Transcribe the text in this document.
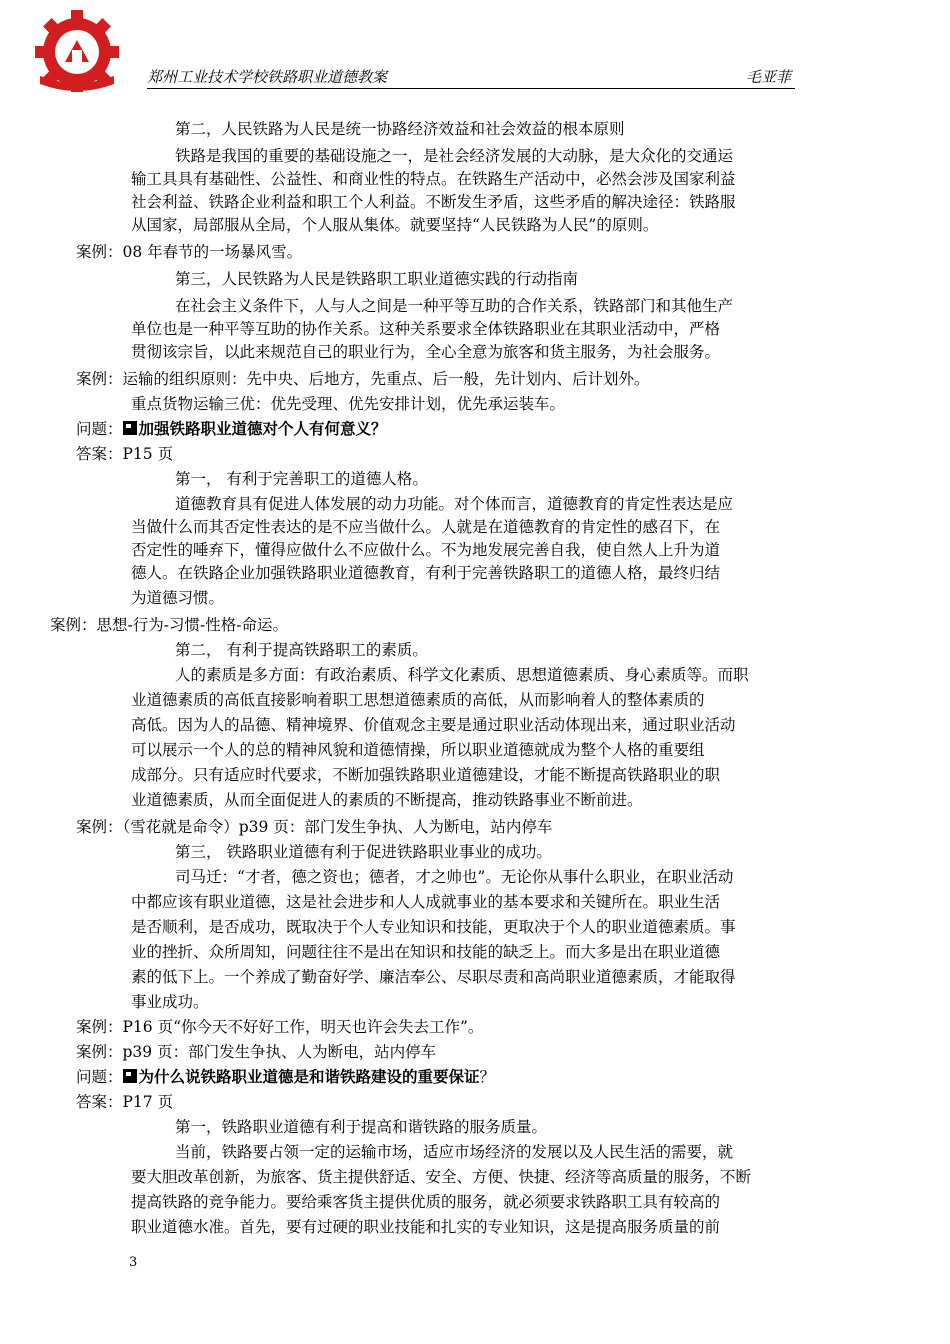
郑州工业技术学校铁路职业道德教案	毛亚菲
第二，人民铁路为人民是统一协路经济效益和社会效益的根本原则
铁路是我国的重要的基础设施之一，是社会经济发展的大动脉，是大众化的交通运
输工具具有基础性、公益性、和商业性的特点。在铁路生产活动中，必然会涉及国家利益
社会利益、铁路企业利益和职工个人利益。不断发生矛盾，这些矛盾的解决途径：铁路服
从国家，局部服从全局，个人服从集体。就要坚持“人民铁路为人民”的原则。
案例：08 年春节的一场暴风雪。
第三，人民铁路为人民是铁路职工职业道德实践的行动指南
在社会主义条件下，人与人之间是一种平等互助的合作关系，铁路部门和其他生产
单位也是一种平等互助的协作关系。这种关系要求全体铁路职业在其职业活动中，严格
贯彻该宗旨，以此来规范自己的职业行为，全心全意为旅客和货主服务，为社会服务。
案例：运输的组织原则：先中央、后地方，先重点、后一般，先计划内、后计划外。
重点货物运输三优：优先受理、优先安排计划，优先承运装车。
问题： 加强铁路职业道德对个人有何意义？
答案：P15 页
第一， 有利于完善职工的道德人格。
道德教育具有促进人体发展的动力功能。对个体而言，道德教育的肯定性表达是应
当做什么而其否定性表达的是不应当做什么。人就是在道德教育的肯定性的感召下，在
否定性的唾弃下，懂得应做什么不应做什么。不为地发展完善自我，使自然人上升为道
德人。在铁路企业加强铁路职业道德教育，有利于完善铁路职工的道德人格，最终归结
为道德习惯。
案例：思想-行为-习惯-性格-命运。
第二， 有利于提高铁路职工的素质。
人的素质是多方面：有政治素质、科学文化素质、思想道德素质、身心素质等。而职
业道德素质的高低直接影响着职工思想道德素质的高低，从而影响着人的整体素质的
高低。因为人的品德、精神境界、价值观念主要是通过职业活动体现出来，通过职业活动
可以展示一个人的总的精神风貌和道德情操，所以职业道德就成为整个人格的重要组
成部分。只有适应时代要求，不断加强铁路职业道德建设，才能不断提高铁路职业的职
业道德素质，从而全面促进人的素质的不断提高，推动铁路事业不断前进。
案例：（雪花就是命令）p39 页：部门发生争执、人为断电，站内停车
第三， 铁路职业道德有利于促进铁路职业事业的成功。
司马迁：“才者，德之资也；德者，才之帅也”。无论你从事什么职业，在职业活动
中都应该有职业道德，这是社会进步和人人成就事业的基本要求和关键所在。职业生活
是否顺利，是否成功，既取决于个人专业知识和技能，更取决于个人的职业道德素质。事
业的挫折、众所周知，问题往往不是出在知识和技能的缺乏上。而大多是出在职业道德
素的低下上。一个养成了勤奋好学、廉洁奉公、尽职尽责和高尚职业道德素质，才能取得
事业成功。
案例：P16 页“你今天不好好工作，明天也许会失去工作”。
案例：p39 页：部门发生争执、人为断电，站内停车
问题： 为什么说铁路职业道德是和谐铁路建设的重要保证？
答案：P17 页
第一，铁路职业道德有利于提高和谐铁路的服务质量。
当前，铁路要占领一定的运输市场，适应市场经济的发展以及人民生活的需要，就
要大胆改革创新，为旅客、货主提供舒适、安全、方便、快捷、经济等高质量的服务，不断
提高铁路的竞争能力。要给乘客货主提供优质的服务，就必须要求铁路职工具有较高的
职业道德水准。首先，要有过硬的职业技能和扎实的专业知识，这是提高服务质量的前
3
